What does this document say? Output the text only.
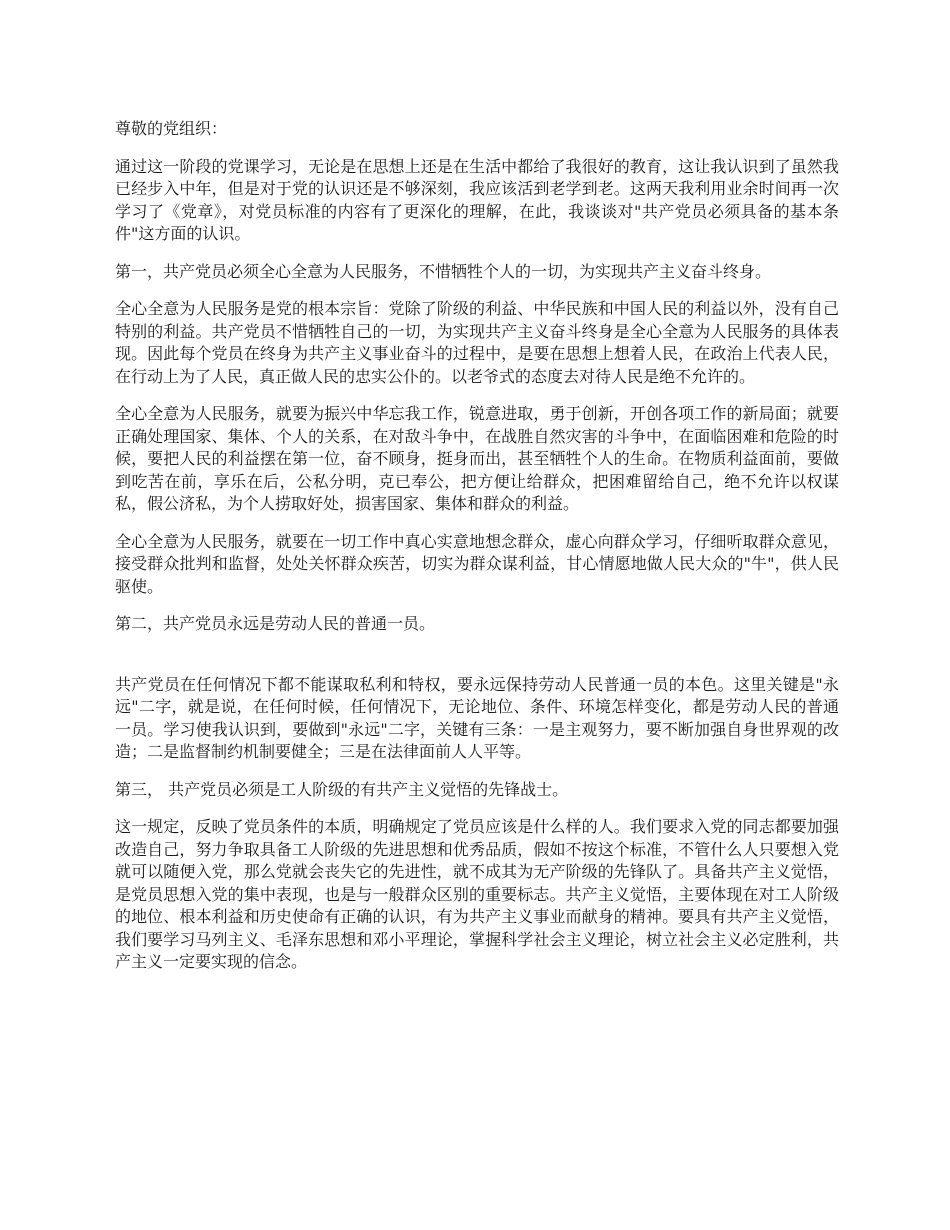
尊敬的党组织：

通过这一阶段的党课学习，无论是在思想上还是在生活中都给了我很好的教育，这让我认识到了虽然我已经步入中年，但是对于党的认识还是不够深刻，我应该活到老学到老。这两天我利用业余时间再一次学习了《党章》，对党员标准的内容有了更深化的理解，在此，我谈谈对"共产党员必须具备的基本条件"这方面的认识。

第一，共产党员必须全心全意为人民服务，不惜牺牲个人的一切，为实现共产主义奋斗终身。

全心全意为人民服务是党的根本宗旨：党除了阶级的利益、中华民族和中国人民的利益以外，没有自己特别的利益。共产党员不惜牺牲自己的一切，为实现共产主义奋斗终身是全心全意为人民服务的具体表现。因此每个党员在终身为共产主义事业奋斗的过程中，是要在思想上想着人民，在政治上代表人民，在行动上为了人民，真正做人民的忠实公仆的。以老爷式的态度去对待人民是绝不允许的。

全心全意为人民服务，就要为振兴中华忘我工作，锐意进取，勇于创新，开创各项工作的新局面；就要正确处理国家、集体、个人的关系，在对敌斗争中，在战胜自然灾害的斗争中，在面临困难和危险的时候，要把人民的利益摆在第一位，奋不顾身，挺身而出，甚至牺牲个人的生命。在物质利益面前，要做到吃苦在前，享乐在后，公私分明，克已奉公，把方便让给群众，把困难留给自己，绝不允许以权谋私，假公济私，为个人捞取好处，损害国家、集体和群众的利益。

全心全意为人民服务，就要在一切工作中真心实意地想念群众，虚心向群众学习，仔细听取群众意见，接受群众批判和监督，处处关怀群众疾苦，切实为群众谋利益，甘心情愿地做人民大众的"牛"，供人民驱使。

第二，共产党员永远是劳动人民的普通一员。

共产党员在任何情况下都不能谋取私利和特权，要永远保持劳动人民普通一员的本色。这里关键是"永远"二字，就是说，在任何时候，任何情况下，无论地位、条件、环境怎样变化，都是劳动人民的普通一员。学习使我认识到，要做到"永远"二字，关键有三条：一是主观努力，要不断加强自身世界观的改造；二是监督制约机制要健全；三是在法律面前人人平等。

第三， 共产党员必须是工人阶级的有共产主义觉悟的先锋战士。

这一规定，反映了党员条件的本质，明确规定了党员应该是什么样的人。我们要求入党的同志都要加强改造自己，努力争取具备工人阶级的先进思想和优秀品质，假如不按这个标准，不管什么人只要想入党就可以随便入党，那么党就会丧失它的先进性，就不成其为无产阶级的先锋队了。具备共产主义觉悟，是党员思想入党的集中表现，也是与一般群众区别的重要标志。共产主义觉悟，主要体现在对工人阶级的地位、根本利益和历史使命有正确的认识，有为共产主义事业而献身的精神。要具有共产主义觉悟，我们要学习马列主义、毛泽东思想和邓小平理论，掌握科学社会主义理论，树立社会主义必定胜利，共产主义一定要实现的信念。
